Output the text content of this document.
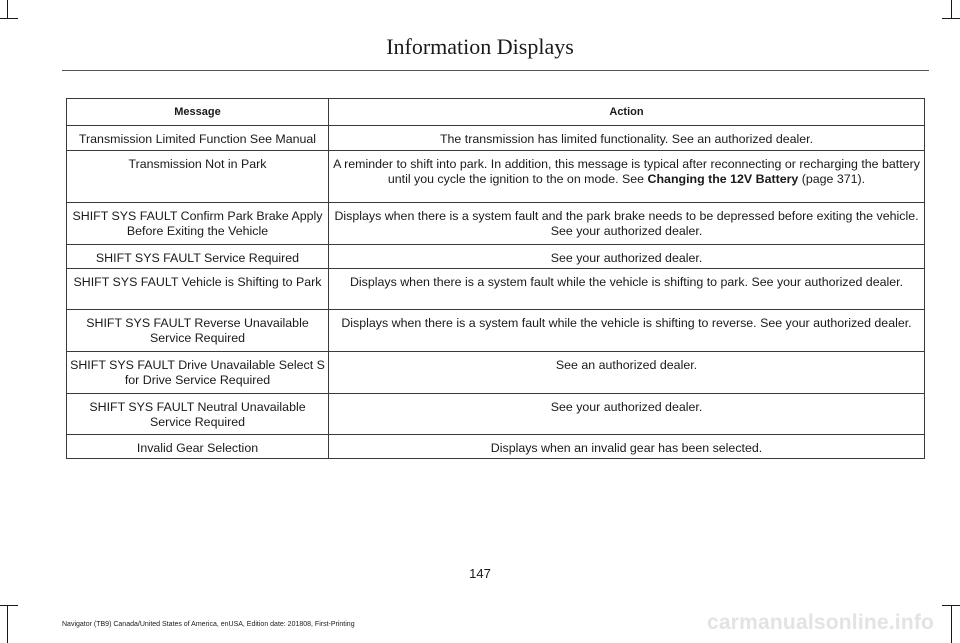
Information Displays
Message	Action
Transmission Limited Function See Manual	The transmission has limited functionality. See an authorized dealer.
Transmission Not in Park	A reminder to shift into park. In addition, this message is typical after reconnecting or recharging the battery until you cycle the ignition to the on mode. See Changing the 12V Battery (page 371).
SHIFT SYS FAULT Confirm Park Brake Apply Before Exiting the Vehicle	Displays when there is a system fault and the park brake needs to be depressed before exiting the vehicle. See your authorized dealer.
SHIFT SYS FAULT Service Required	See your authorized dealer.
SHIFT SYS FAULT Vehicle is Shifting to Park	Displays when there is a system fault while the vehicle is shifting to park. See your authorized dealer.
SHIFT SYS FAULT Reverse Unavailable Service Required	Displays when there is a system fault while the vehicle is shifting to reverse. See your authorized dealer.
SHIFT SYS FAULT Drive Unavailable Select S for Drive Service Required	See an authorized dealer.
SHIFT SYS FAULT Neutral Unavailable Service Required	See your authorized dealer.
Invalid Gear Selection	Displays when an invalid gear has been selected.
147
Navigator (TB9) Canada/United States of America, enUSA, Edition date: 201808, First-Printing	carmanualsonline.info
